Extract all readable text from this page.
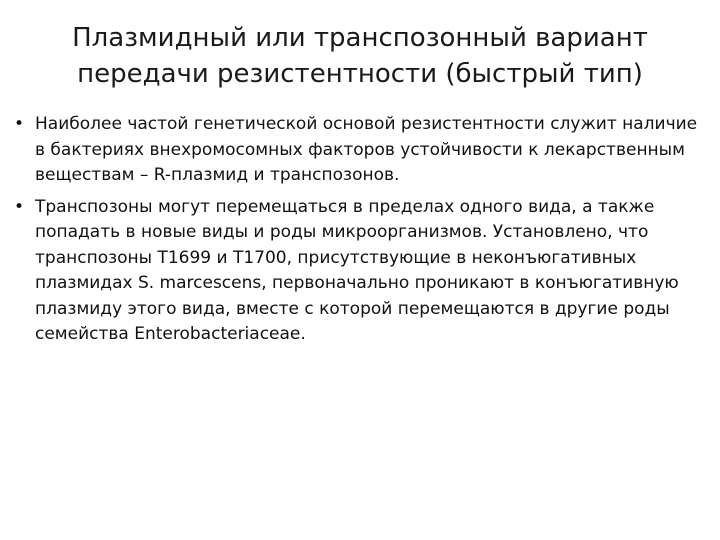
Плазмидный или транспозонный вариант передачи резистентности (быстрый тип)
• Наиболее частой генетической основой резистентности служит наличие в бактериях внехромосомных факторов устойчивости к лекарственным веществам – R-плазмид и транспозонов.
• Транспозоны могут перемещаться в пределах одного вида, а также попадать в новые виды и роды микроорганизмов. Установлено, что транспозоны Т1699 и Т1700, присутствующие в неконъюгативных плазмидах S. marcescens, первоначально проникают в конъюгативную плазмиду этого вида, вместе с которой перемещаются в другие роды семейства Enterobacteriaceae.
